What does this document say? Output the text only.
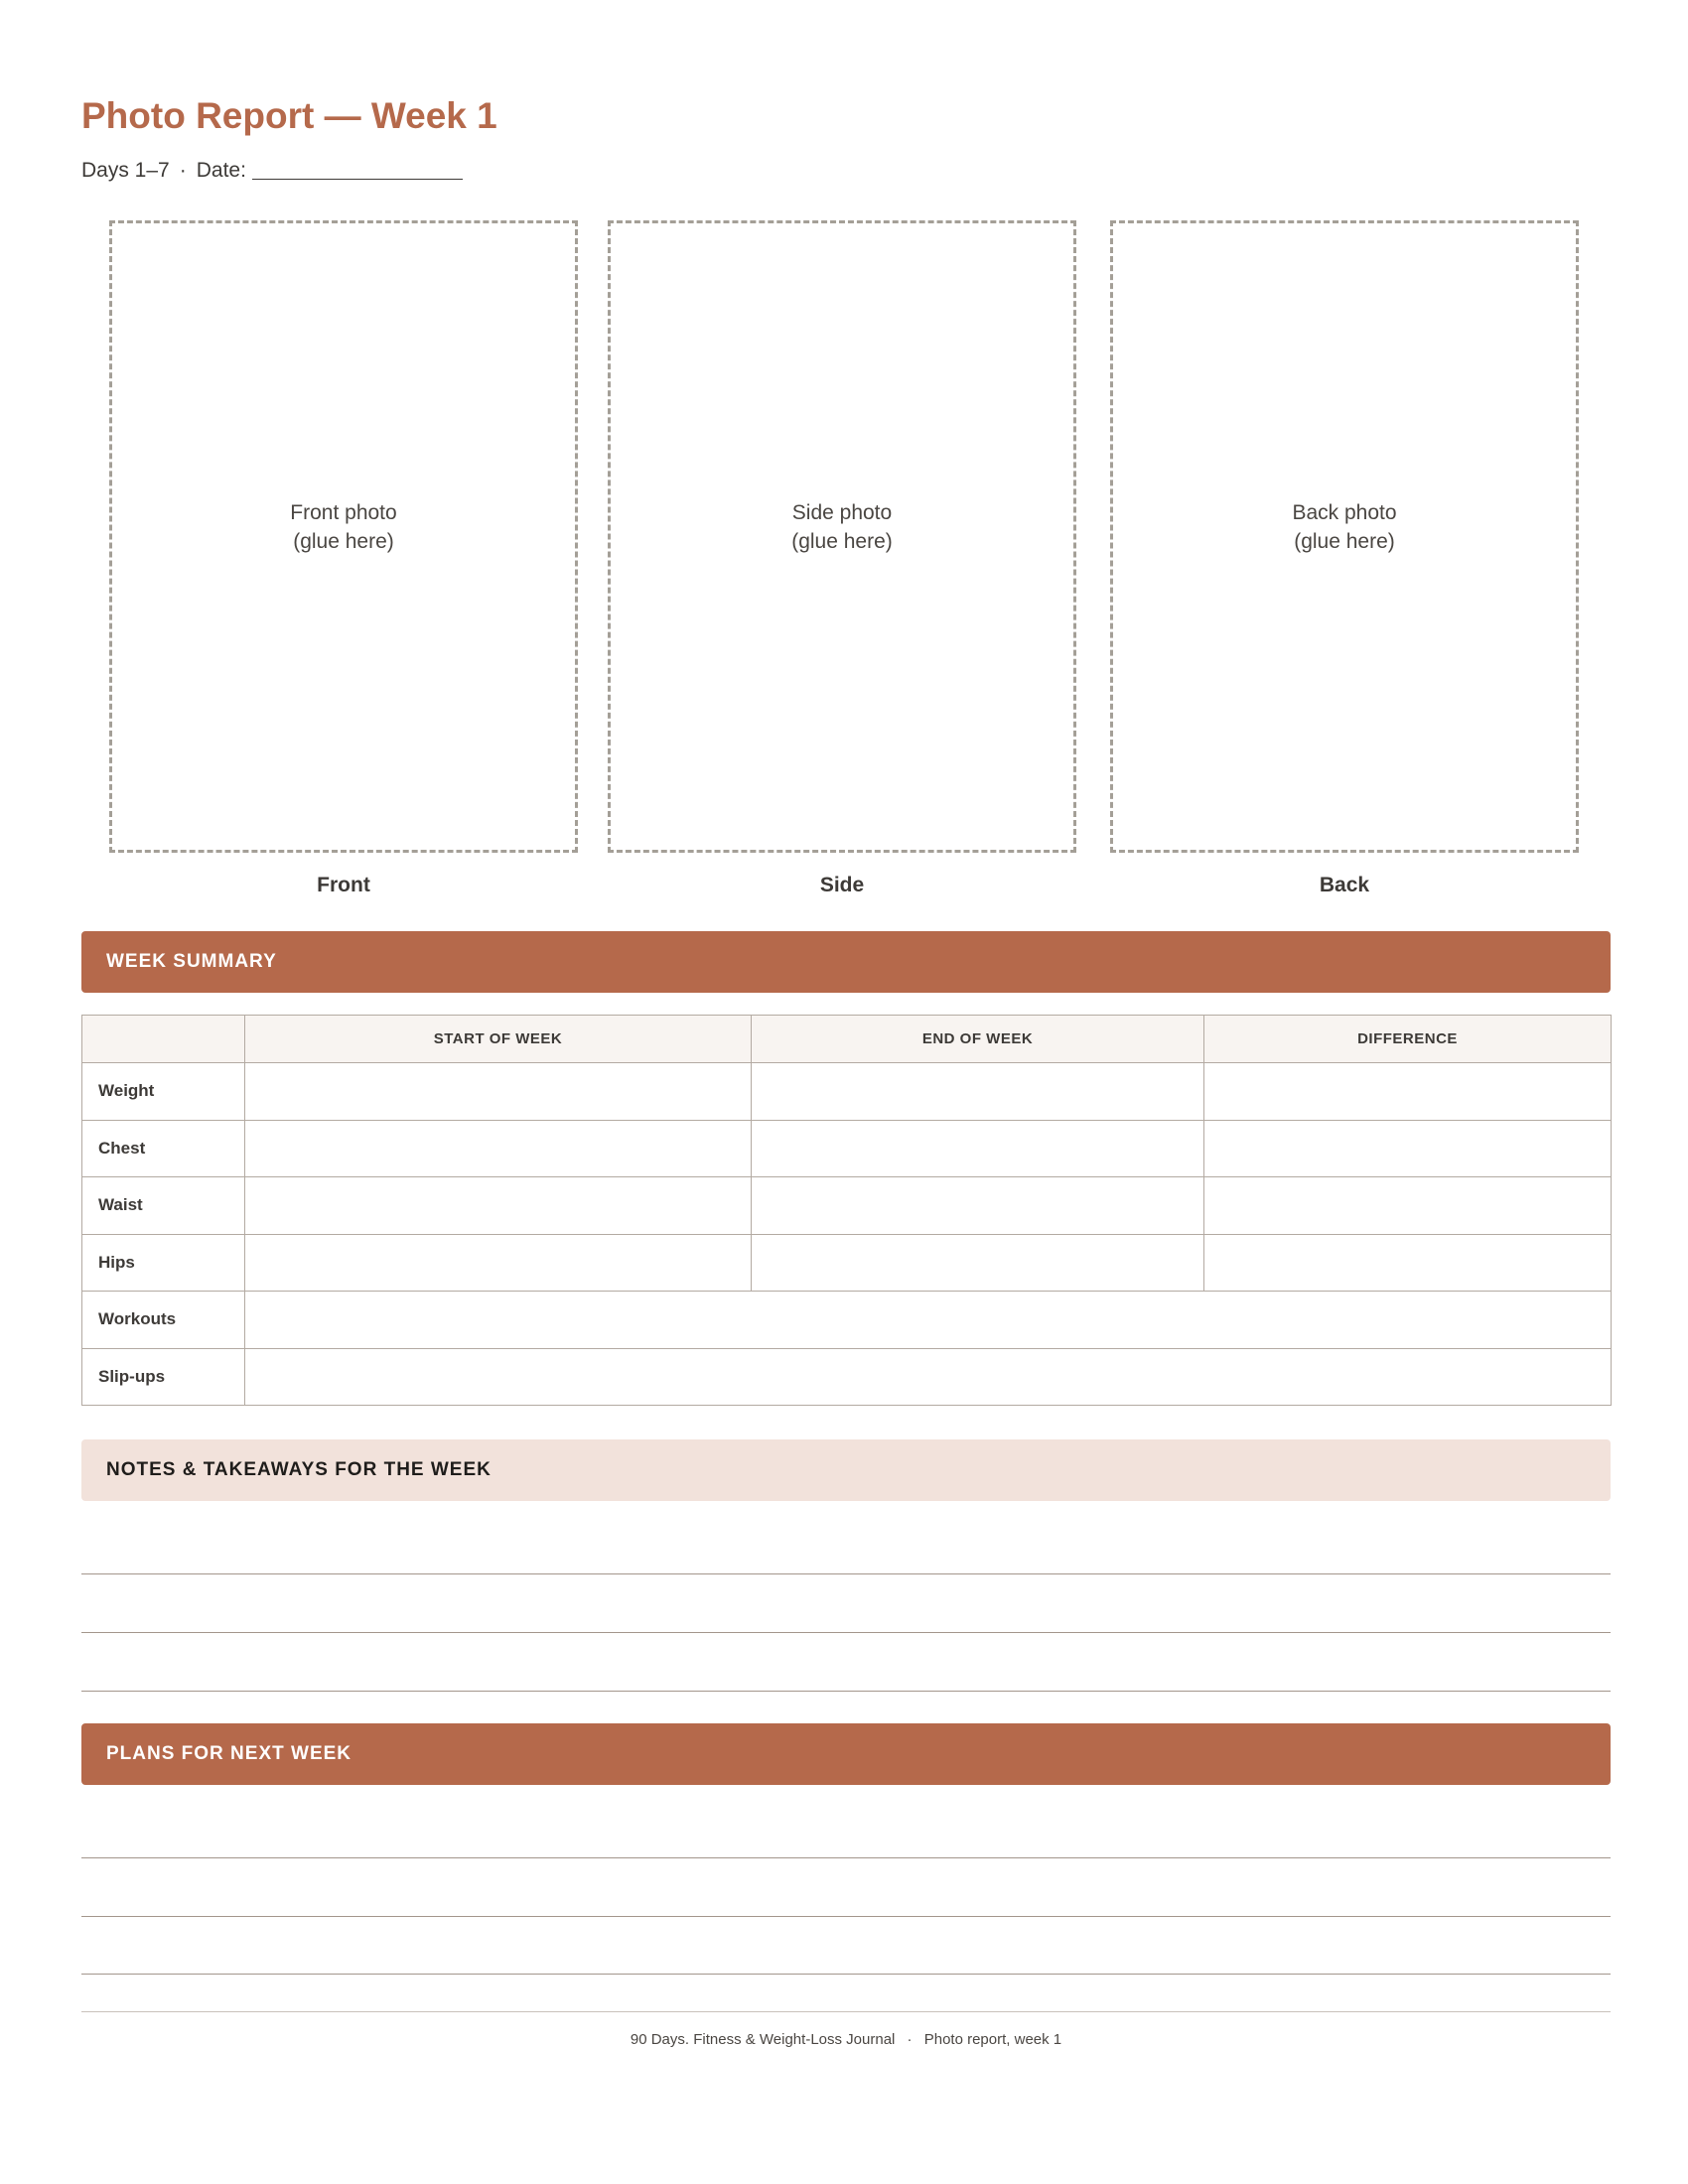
Photo Report — Week 1
Days 1–7 · Date:
Front photo
(glue here)
Side photo
(glue here)
Back photo
(glue here)
Front	Side	Back
WEEK SUMMARY
	START OF WEEK	END OF WEEK	DIFFERENCE
Weight			
Chest			
Waist			
Hips			
Workouts			
Slip-ups			
NOTES & TAKEAWAYS FOR THE WEEK
PLANS FOR NEXT WEEK
90 Days. Fitness & Weight-Loss Journal · Photo report, week 1
